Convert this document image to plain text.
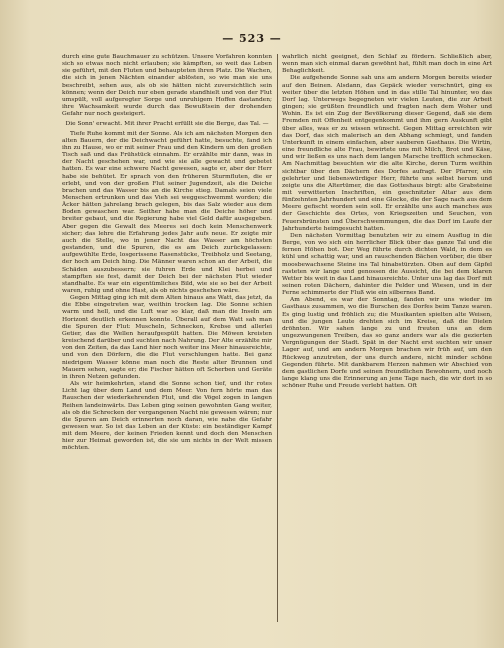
— 523 —

durch eine gute Bauchmauer zu schützen. Unsere Vorfahren konnten sich so etwas noch nicht erlauben; sie kämpften, so weit das Leben sie geführt, mit den Fluten und behaupteten ihren Platz. Die Wachen, die sich in jenen Nächten einander ablösten, so wie man sie uns beschreibt, sehen aus, als ob sie hätten nicht zuversichtlich sein können; wenn der Deich nur eben gerade standhielt und von der Flut umspült, voll aufgeregter Sorge und unruhigem Hoffen dastanden; ihre Wachsamkeit wurde durch das Bewußtsein der drohenden Gefahr nur noch gesteigert.

Die Sonn' erwacht. Mit ihrer Pracht erfüllt sie die Berge, das Tal. —

Tiefe Ruhe kommt mit der Sonne. Als ich am nächsten Morgen den alten Bauern, der die Deichwacht geführt hatte, besuchte, fand ich ihn zu Hause, wo er mit seiner Frau und den Kindern um den großen Tisch saß und das Frühstück einnahm. Er erzählte mir dann, was in der Nacht geschehen war, und wie sie alle gewacht und gebetet hatten. Es war eine schwere Nacht gewesen, sagte er, aber der Herr habe sie behütet. Er sprach von den früheren Sturmfluten, die er erlebt, und von der großen Flut seiner Jugendzeit, als die Deiche brachen und das Wasser bis an die Kirche stieg. Damals seien viele Menschen ertrunken und das Vieh sei weggeschwemmt worden; die Äcker hätten jahrelang brach gelegen, bis das Salz wieder aus dem Boden gewaschen war. Seither habe man die Deiche höher und breiter gebaut, und die Regierung habe viel Geld dafür ausgegeben. Aber gegen die Gewalt des Meeres sei doch kein Menschenwerk sicher; das lehre die Erfahrung jedes Jahr aufs neue. Er zeigte mir auch die Stelle, wo in jener Nacht das Wasser am höchsten gestanden, und die Spuren, die es am Deich zurückgelassen: aufgewühlte Erde, losgerissene Rasenstücke, Treibholz und Seetang, der hoch am Deich hing. Die Männer waren schon an der Arbeit, die Schäden auszubessern; sie fuhren Erde und Klei herbei und stampften sie fest, damit der Deich bei der nächsten Flut wieder standhalte. Es war ein eigentümliches Bild, wie sie so bei der Arbeit waren, ruhig und ohne Hast, als ob nichts geschehen wäre.

Gegen Mittag ging ich mit dem Alten hinaus ans Watt, das jetzt, da die Ebbe eingetreten war, weithin trocken lag. Die Sonne schien warm und hell, und die Luft war so klar, daß man die Inseln am Horizont deutlich erkennen konnte. Überall auf dem Watt sah man die Spuren der Flut: Muscheln, Schnecken, Krebse und allerlei Getier, das die Wellen heraufgespült hatten. Die Möwen kreisten kreischend darüber und suchten nach Nahrung. Der Alte erzählte mir von den Zeiten, da das Land hier noch weiter ins Meer hinausreichte, und von den Dörfern, die die Flut verschlungen hatte. Bei ganz niedrigem Wasser könne man noch die Reste alter Brunnen und Mauern sehen, sagte er; die Fischer hätten oft Scherben und Geräte in ihren Netzen gefunden.

Als wir heimkehrten, stand die Sonne schon tief, und ihr rotes Licht lag über dem Land und dem Meer. Von fern hörte man das Rauschen der wiederkehrenden Flut, und die Vögel zogen in langen Reihen landeinwärts. Das Leben ging seinen gewohnten Gang weiter, als ob die Schrecken der vergangenen Nacht nie gewesen wären; nur die Spuren am Deich erinnerten noch daran, wie nahe die Gefahr gewesen war. So ist das Leben an der Küste: ein beständiger Kampf mit dem Meere, der keinen Frieden kennt und doch den Menschen hier zur Heimat geworden ist, die sie um nichts in der Welt missen möchten.

wahrlich nicht geeignet, den Schlaf zu fördern. Schließlich aber, wenn man sich einmal daran gewöhnt hat, fühlt man doch in eine Art Behaglichkeit.

Die aufgehende Sonne sah uns am andern Morgen bereits wieder auf den Beinen. Alsdann, das Gepäck wieder verschnürt, ging es weiter über die letzten Höhen und in das stille Tal hinunter, wo das Dorf lag. Unterwegs begegneten wir vielen Leuten, die zur Arbeit gingen; sie grüßten freundlich und fragten nach dem Woher und Wohin. Es ist ein Zug der Bevölkerung dieser Gegend, daß sie dem Fremden mit Offenheit entgegenkommt und ihm gern Auskunft gibt über alles, was er zu wissen wünscht. Gegen Mittag erreichten wir das Dorf, das sich malerisch an den Abhang schmiegt, und fanden Unterkunft in einem einfachen, aber sauberen Gasthaus. Die Wirtin, eine freundliche alte Frau, bewirtete uns mit Milch, Brot und Käse, und wir ließen es uns nach dem langen Marsche trefflich schmecken. Am Nachmittag besuchten wir die alte Kirche, deren Turm weithin sichtbar über den Dächern des Dorfes aufragt. Der Pfarrer, ein gelehrter und liebenswürdiger Herr, führte uns selbst herum und zeigte uns die Altertümer, die das Gotteshaus birgt: alte Grabsteine mit verwitterten Inschriften, ein geschnitzter Altar aus dem fünfzehnten Jahrhundert und eine Glocke, die der Sage nach aus dem Meere gefischt worden sein soll. Er erzählte uns auch manches aus der Geschichte des Ortes, von Kriegszeiten und Seuchen, von Feuersbrünsten und Überschwemmungen, die das Dorf im Laufe der Jahrhunderte heimgesucht hatten.

Den nächsten Vormittag benutzten wir zu einem Ausflug in die Berge, von wo sich ein herrlicher Blick über das ganze Tal und die fernen Höhen bot. Der Weg führte durch dichten Wald, in dem es kühl und schattig war, und an rauschenden Bächen vorüber, die über moosbewachsene Steine ins Tal hinabstürzten. Oben auf dem Gipfel rasteten wir lange und genossen die Aussicht, die bei dem klaren Wetter bis weit in das Land hinausreichte. Unter uns lag das Dorf mit seinen roten Dächern, dahinter die Felder und Wiesen, und in der Ferne schimmerte der Fluß wie ein silbernes Band.

Am Abend, es war der Sonntag, fanden wir uns wieder im Gasthaus zusammen, wo die Burschen des Dorfes beim Tanze waren. Es ging lustig und fröhlich zu; die Musikanten spielten alte Weisen, und die jungen Leute drehten sich im Kreise, daß die Dielen dröhnten. Wir sahen lange zu und freuten uns an dem ungezwungenen Treiben, das so ganz anders war als die gezierten Vergnügungen der Stadt. Spät in der Nacht erst suchten wir unser Lager auf, und am andern Morgen brachen wir früh auf, um den Rückweg anzutreten, der uns durch andere, nicht minder schöne Gegenden führte. Mit dankbarem Herzen nahmen wir Abschied von dem gastlichen Dorfe und seinen freundlichen Bewohnern, und noch lange klang uns die Erinnerung an jene Tage nach, die wir dort in so schöner Ruhe und Freude verlebt hatten. Oft
